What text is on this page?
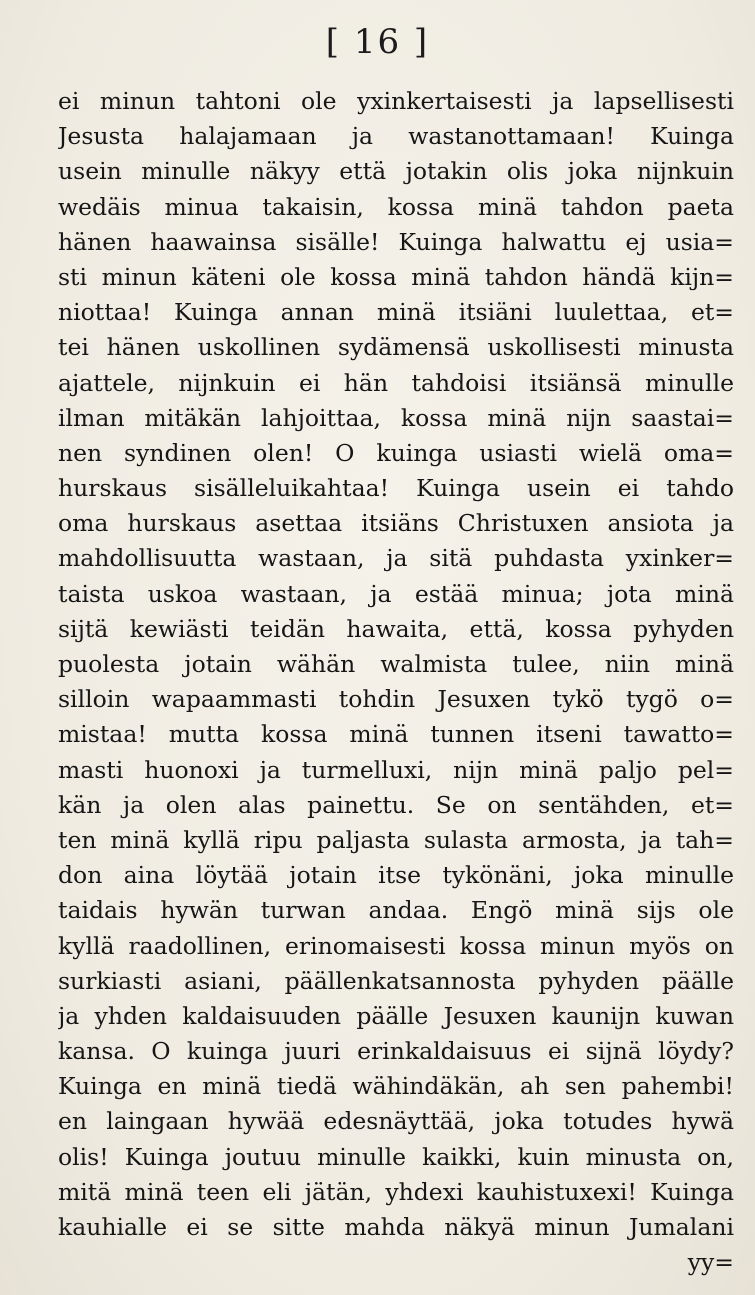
[ 16 ]
ei minun tahtoni ole yxinkertaisesti ja lapsellisesti
Jesusta halajamaan ja wastanottamaan! Kuinga
usein minulle näkyy että jotakin olis joka nijnkuin
wedäis minua takaisin, kossa minä tahdon paeta
hänen haawainsa sisälle! Kuinga halwattu ej usia=
sti minun käteni ole kossa minä tahdon händä kijn=
niottaa! Kuinga annan minä itsiäni luulettaa, et=
tei hänen uskollinen sydämensä uskollisesti minusta
ajattele, nijnkuin ei hän tahdoisi itsiänsä minulle
ilman mitäkän lahjoittaa, kossa minä nijn saastai=
nen syndinen olen! O kuinga usiasti wielä oma=
hurskaus sisälleluikahtaa! Kuinga usein ei tahdo
oma hurskaus asettaa itsiäns Christuxen ansiota ja
mahdollisuutta wastaan, ja sitä puhdasta yxinker=
taista uskoa wastaan, ja estää minua; jota minä
sijtä kewiästi teidän hawaita, että, kossa pyhyden
puolesta jotain wähän walmista tulee, niin minä
silloin wapaammasti tohdin Jesuxen tykö tygö o=
mistaa! mutta kossa minä tunnen itseni tawatto=
masti huonoxi ja turmelluxi, nijn minä paljo pel=
kän ja olen alas painettu. Se on sentähden, et=
ten minä kyllä ripu paljasta sulasta armosta, ja tah=
don aina löytää jotain itse tykönäni, joka minulle
taidais hywän turwan andaa. Engö minä sijs ole
kyllä raadollinen, erinomaisesti kossa minun myös on
surkiasti asiani, päällenkatsannosta pyhyden päälle
ja yhden kaldaisuuden päälle Jesuxen kaunijn kuwan
kansa. O kuinga juuri erinkaldaisuus ei sijnä löydy?
Kuinga en minä tiedä wähindäkän, ah sen pahembi!
en laingaan hywää edesnäyttää, joka totudes hywä
olis! Kuinga joutuu minulle kaikki, kuin minusta on,
mitä minä teen eli jätän, yhdexi kauhistuxexi! Kuinga
kauhialle ei se sitte mahda näkyä minun Jumalani
yy=
